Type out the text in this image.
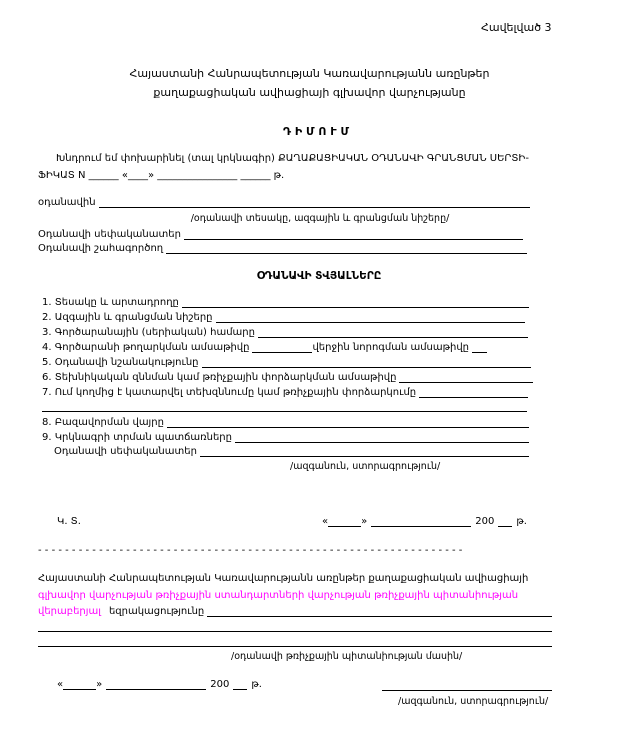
Հավելված 3
Հայաստանի Հանրապետության Կառավարությանն առընթեր
քաղաքացիական ավիացիայի գլխավոր վարչությանը
Դ Ի Մ Ո Ւ Մ
Խնդրում եմ փոխարինել (տալ կրկնագիր) ՔԱՂԱՔԱՑԻԱԿԱՆ ՕԴԱՆԱՎԻ ԳՐԱՆՑՄԱՆ ՍԵՐՏԻ-
ՖԻԿԱՏ N ______ «____» ________________ ______ թ.
օդանավին
/օդանավի տեսակը, ազգային և գրանցման նիշերը/
Օդանավի սեփականատեր
Օդանավի շահագործող
ՕԴԱՆԱՎԻ ՏՎՅԱԼՆԵՐԸ
1. Տեսակը և արտադրողը
2. Ազգային և գրանցման նիշերը
3. Գործարանային (սերիական) համարը
4. Գործարանի թողարկման ամսաթիվը	վերջին նորոգման ամսաթիվը
5. Օդանավի նշանակությունը
6. Տեխնիկական զննման կամ թռիչքային փորձարկման ամսաթիվը
7. Ում կողմից է կատարվել տեխզննումը կամ թռիչքային փորձարկումը
8. Բազավորման վայրը
9. Կրկնագրի տրման պատճառները
Օդանավի սեփականատեր
/ազգանուն, ստորագրություն/
Կ. Տ.	«	»	200 թ.
- - - - - - - - - - - - - - - - - - - - - - - - - - - - - - - - - - - - - - - - - - - - - - - - - - - - - - - - - - - - - - -
Հայաստանի Հանրապետության Կառավարությանն առընթեր քաղաքացիական ավիացիայի
գլխավոր վարչության թռիչքային ստանդարտների վարչության թռիչքային պիտանիության
վերաբերյալ եզրակացությունը
/օդանավի թռիչքային պիտանիության մասին/
«	»	200 թ.
/ազգանուն, ստորագրություն/
